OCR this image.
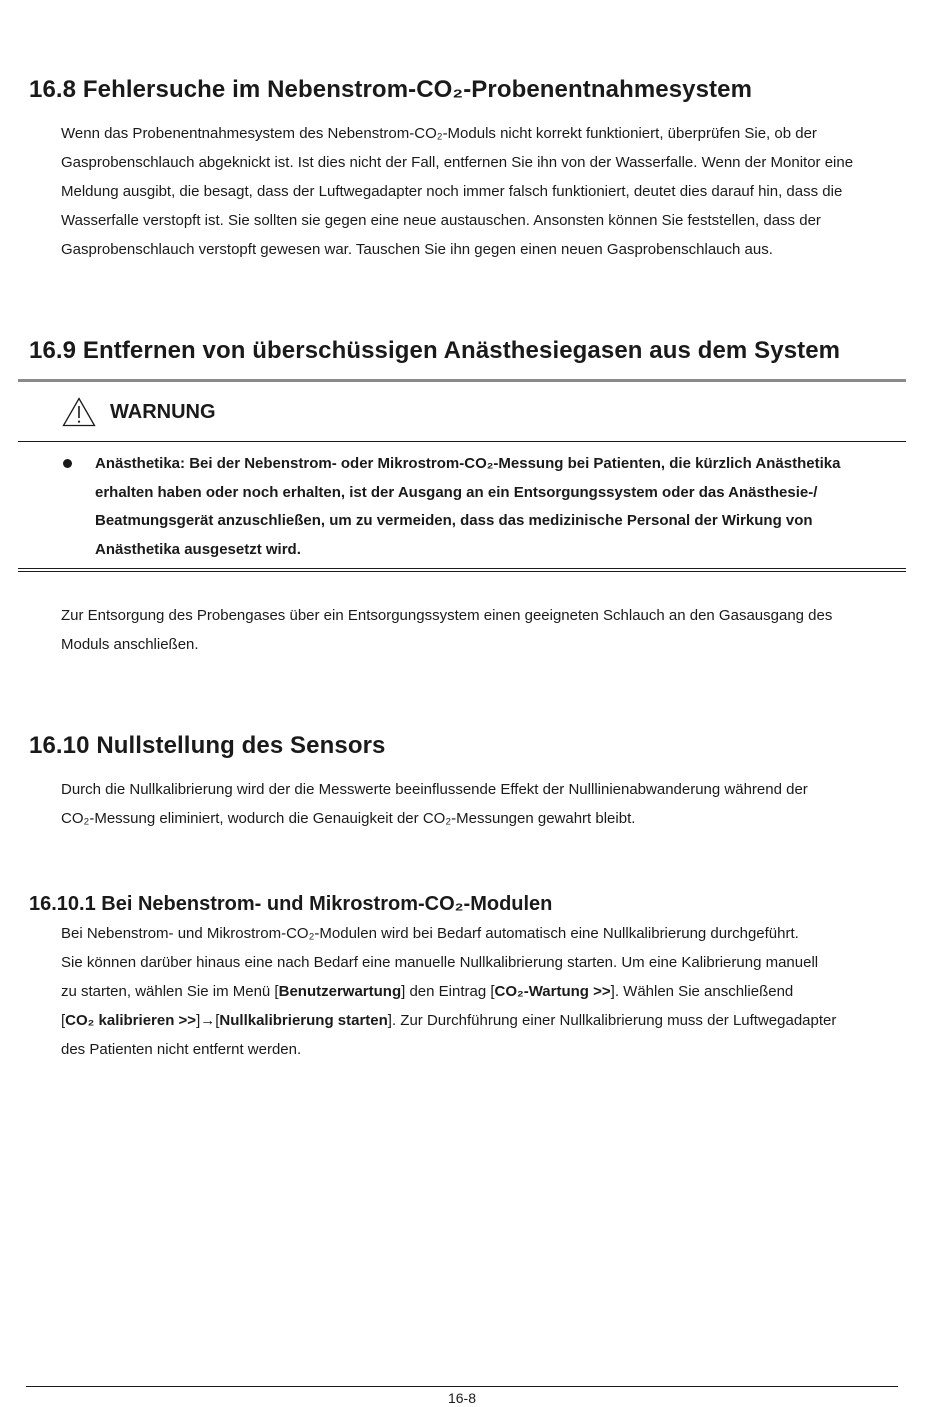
16.8 Fehlersuche im Nebenstrom-CO₂-Probenentnahmesystem
Wenn das Probenentnahmesystem des Nebenstrom-CO₂-Moduls nicht korrekt funktioniert, überprüfen Sie, ob der
Gasprobenschlauch abgeknickt ist. Ist dies nicht der Fall, entfernen Sie ihn von der Wasserfalle. Wenn der Monitor eine
Meldung ausgibt, die besagt, dass der Luftwegadapter noch immer falsch funktioniert, deutet dies darauf hin, dass die
Wasserfalle verstopft ist. Sie sollten sie gegen eine neue austauschen. Ansonsten können Sie feststellen, dass der
Gasprobenschlauch verstopft gewesen war. Tauschen Sie ihn gegen einen neuen Gasprobenschlauch aus.
16.9 Entfernen von überschüssigen Anästhesiegasen aus dem System
WARNUNG
Anästhetika: Bei der Nebenstrom- oder Mikrostrom-CO₂-Messung bei Patienten, die kürzlich Anästhetika
erhalten haben oder noch erhalten, ist der Ausgang an ein Entsorgungssystem oder das Anästhesie-/
Beatmungsgerät anzuschließen, um zu vermeiden, dass das medizinische Personal der Wirkung von
Anästhetika ausgesetzt wird.
Zur Entsorgung des Probengases über ein Entsorgungssystem einen geeigneten Schlauch an den Gasausgang des
Moduls anschließen.
16.10 Nullstellung des Sensors
Durch die Nullkalibrierung wird der die Messwerte beeinflussende Effekt der Nulllinienabwanderung während der
CO₂-Messung eliminiert, wodurch die Genauigkeit der CO₂-Messungen gewahrt bleibt.
16.10.1 Bei Nebenstrom- und Mikrostrom-CO₂-Modulen
Bei Nebenstrom- und Mikrostrom-CO₂-Modulen wird bei Bedarf automatisch eine Nullkalibrierung durchgeführt.
Sie können darüber hinaus eine nach Bedarf eine manuelle Nullkalibrierung starten. Um eine Kalibrierung manuell
zu starten, wählen Sie im Menü [Benutzerwartung] den Eintrag [CO₂-Wartung >>]. Wählen Sie anschließend
[CO₂ kalibrieren >>]→[Nullkalibrierung starten]. Zur Durchführung einer Nullkalibrierung muss der Luftwegadapter
des Patienten nicht entfernt werden.
16-8
